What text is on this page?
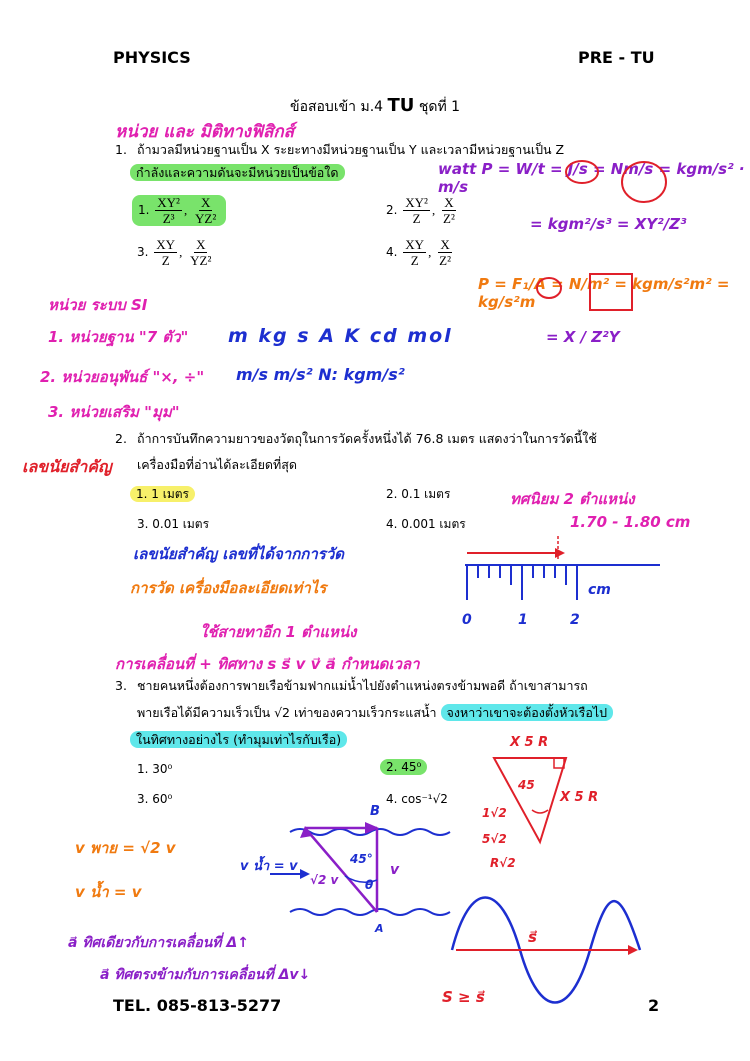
PHYSICS	PRE - TU
ข้อสอบเข้า ม.4 TU ชุดที่ 1
หน่วย และ มิติทางฟิสิกส์
1. ถ้ามวลมีหน่วยฐานเป็น X ระยะทางมีหน่วยฐานเป็น Y และเวลามีหน่วยฐานเป็น Z
กำลังและความดันจะมีหน่วยเป็นข้อใด
1. $\frac{\text{XY²}}{\text{Z³}}$ , $\frac{X}{\text{YZ²}}$	2. $\frac{\text{XY²}}{Z}$ , $\frac{X}{\text{Z²}}$
3. $\frac{XY}{Z}$ , $\frac{X}{\text{YZ²}}$	4. $\frac{XY}{Z}$ , $\frac{X}{\text{Z²}}$
watt P = W/t = J/s = Nm/s = kgm/s² · m/s
= kgm²/s³ = XY²/Z³
P = F₁/A = N/m² = kgm/s²m² = kg/s²m
หน่วย ระบบ SI
1. หน่วยฐาน "7 ตัว" m kg s A K cd mol	= X / Z²Y
2. หน่วยอนุพันธ์ "×, ÷" m/s m/s² N: kgm/s²
3. หน่วยเสริม "มุม"
เลขนัยสำคัญ
2. ถ้าการบันทึกความยาวของวัตถุในการวัดครั้งหนึ่งได้ 76.8 เมตร แสดงว่าในการวัดนี้ใช้
เครื่องมือที่อ่านได้ละเอียดที่สุด
1. 1 เมตร	2. 0.1 เมตร
3. 0.01 เมตร	4. 0.001 เมตร
ทศนิยม 2 ตำแหน่ง
1.70 - 1.80 cm
เลขนัยสำคัญ เลขที่ได้จากการวัด
การวัด เครื่องมือละเอียดเท่าไร
ใช้สายทาอีก 1 ตำแหน่ง
cm
0	1	2
การเคลื่อนที่ + ทิศทาง s s⃗ v v⃗ a⃗ กำหนดเวลา
3. ชายคนหนึ่งต้องการพายเรือข้ามฟากแม่น้ำไปยังตำแหน่งตรงข้ามพอดี ถ้าเขาสามารถ
พายเรือได้มีความเร็วเป็น √2 เท่าของความเร็วกระแสน้ำ จงหาว่าเขาจะต้องตั้งหัวเรือไป
ในทิศทางอย่างไร (ทำมุมเท่าไรกับเรือ)
1. 30⁰	2. 45⁰
3. 60⁰	4. cos⁻¹√2
v พาย = √2 v
v น้ำ = v
v น้ำ = v	45°
θ
√2 v
v
B
A
X 5 R
X 5 R
1√2
5√2
R√2
45
a⃗ ทิศเดียวกับการเคลื่อนที่ Δ↑
a⃗ ทิศตรงข้ามกับการเคลื่อนที่ Δv↓
s⃗
S ≥ s⃗
TEL. 085-813-5277	2
